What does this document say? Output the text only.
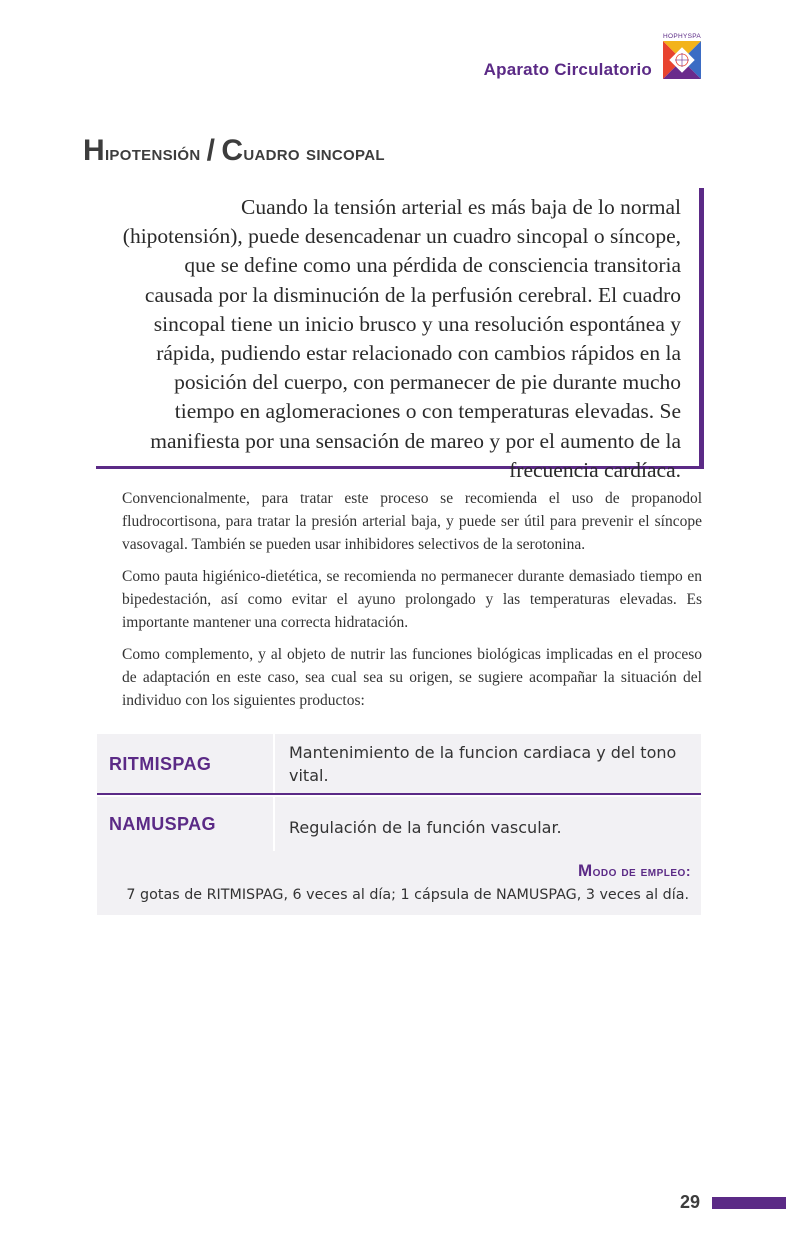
Aparato Circulatorio
HOPHYSPA
Hipotensión / Cuadro sincopal

Cuando la tensión arterial es más baja de lo normal (hipotensión), puede desencadenar un cuadro sincopal o síncope, que se define como una pérdida de consciencia transitoria causada por la disminución de la perfusión cerebral. El cuadro sincopal tiene un inicio brusco y una resolución espontánea y rápida, pudiendo estar relacionado con cambios rápidos en la posición del cuerpo, con permanecer de pie durante mucho tiempo en aglomeraciones o con temperaturas elevadas. Se manifiesta por una sensación de mareo y por el aumento de la frecuencia cardíaca.

Convencionalmente, para tratar este proceso se recomienda el uso de propanodol fludrocortisona, para tratar la presión arterial baja, y puede ser útil para prevenir el síncope vasovagal. También se pueden usar inhibidores selectivos de la serotonina.

Como pauta higiénico-dietética, se recomienda no permanecer durante demasiado tiempo en bipedestación, así como evitar el ayuno prolongado y las temperaturas elevadas. Es importante mantener una correcta hidratación.

Como complemento, y al objeto de nutrir las funciones biológicas implicadas en el proceso de adaptación en este caso, sea cual sea su origen, se sugiere acompañar la situación del individuo con los siguientes productos:

RITMISPAG
Mantenimiento de la funcion cardiaca y del tono vital.
NAMUSPAG	Regulación de la función vascular.
Modo de empleo:
7 gotas de RITMISPAG, 6 veces al día; 1 cápsula de NAMUSPAG, 3 veces al día.
29
